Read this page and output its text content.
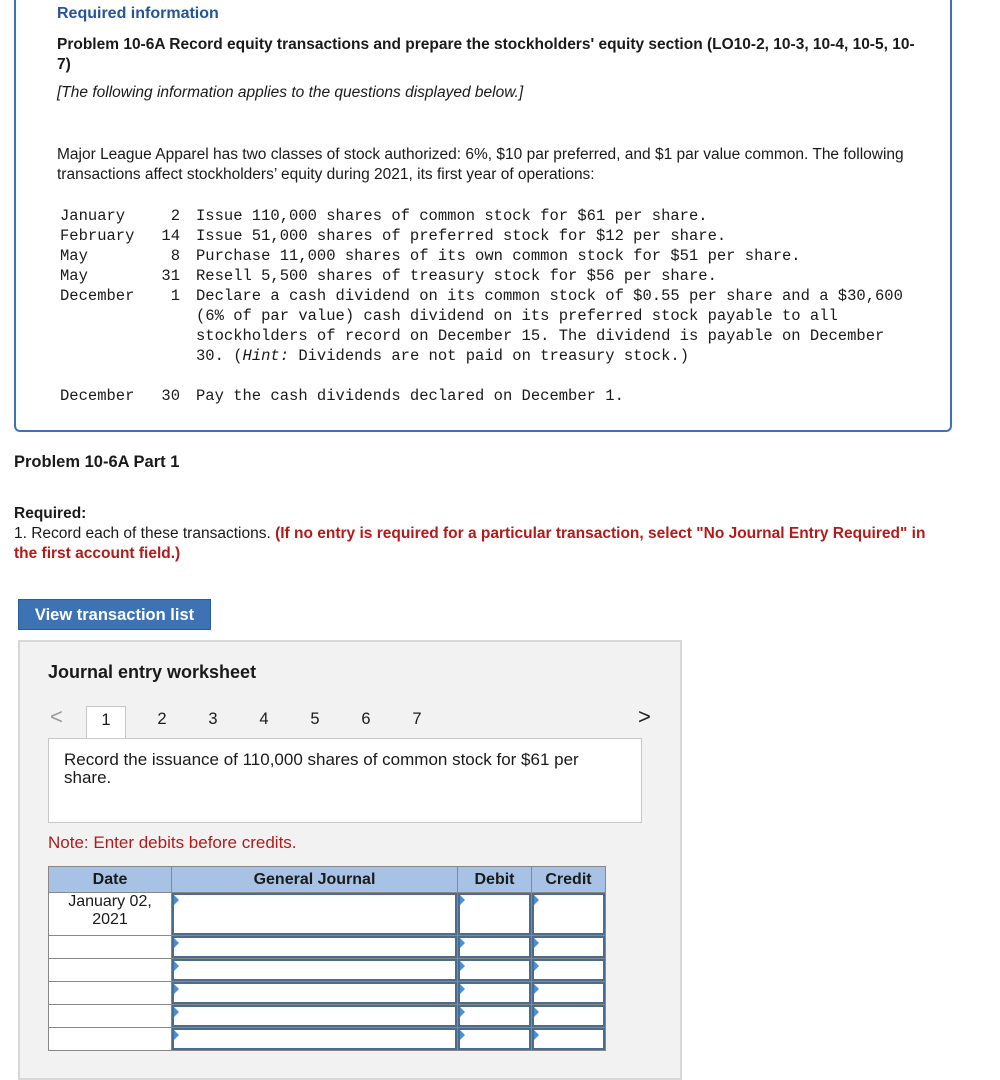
Required information
Problem 10-6A Record equity transactions and prepare the stockholders' equity section (LO10-2, 10-3, 10-4, 10-5, 10-7)
[The following information applies to the questions displayed below.]
Major League Apparel has two classes of stock authorized: 6%, $10 par preferred, and $1 par value common. The following transactions affect stockholders’ equity during 2021, its first year of operations:
January	2 Issue 110,000 shares of common stock for $61 per share.
February	14 Issue 51,000 shares of preferred stock for $12 per share.
May	8 Purchase 11,000 shares of its own common stock for $51 per share.
May	31 Resell 5,500 shares of treasury stock for $56 per share.
December	1 Declare a cash dividend on its common stock of $0.55 per share and a $30,600 (6% of par value) cash dividend on its preferred stock payable to all stockholders of record on December 15. The dividend is payable on December 30. (Hint: Dividends are not paid on treasury stock.)
December	30 Pay the cash dividends declared on December 1.
Problem 10-6A Part 1
Required:
1. Record each of these transactions. (If no entry is required for a particular transaction, select "No Journal Entry Required" in the first account field.)
View transaction list
Journal entry worksheet
<	1	2	3	4	5	6	7	>
Record the issuance of 110,000 shares of common stock for $61 per share.
Note: Enter debits before credits.
Date	General Journal	Debit	Credit
January 02, 2021	
